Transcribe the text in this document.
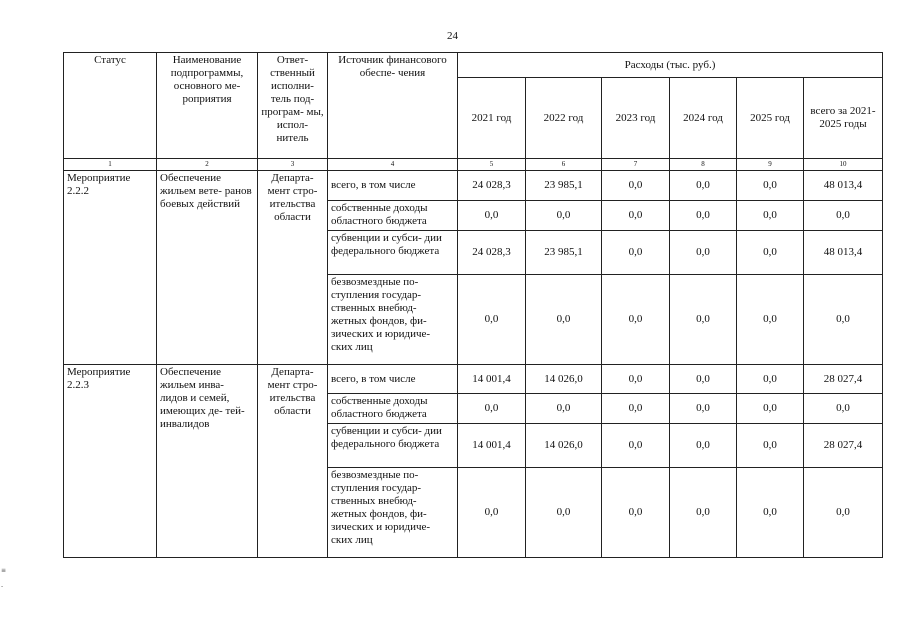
24
Статус	Наименование подпрограммы, основного ме- роприятия	Ответ- ственный исполни- тель под- програм- мы, испол- нитель	Источник финансового обеспе- чения	Расходы (тыс. руб.)					
				2021 год	2022 год	2023 год	2024 год	2025 год	всего за 2021-2025 годы
1	2	3	4	5	6	7	8	9	10
Мероприятие 2.2.2	Обеспечение жильем вете- ранов боевых действий	Департа- мент стро- ительства области	всего, в том числе	24 028,3	23 985,1	0,0	0,0	0,0	48 013,4
			собственные доходы областного бюджета	0,0	0,0	0,0	0,0	0,0	0,0
			субвенции и субси- дии федерального бюджета	24 028,3	23 985,1	0,0	0,0	0,0	48 013,4
			безвозмездные по- ступления государ- ственных внебюд- жетных фондов, фи- зических и юридиче- ских лиц	0,0	0,0	0,0	0,0	0,0	0,0
Мероприятие 2.2.3	Обеспечение жильем инва- лидов и семей, имеющих де- тей-инвалидов	Департа- мент стро- ительства области	всего, в том числе	14 001,4	14 026,0	0,0	0,0	0,0	28 027,4
			собственные доходы областного бюджета	0,0	0,0	0,0	0,0	0,0	0,0
			субвенции и субси- дии федерального бюджета	14 001,4	14 026,0	0,0	0,0	0,0	28 027,4
			безвозмездные по- ступления государ- ственных внебюд- жетных фондов, фи- зических и юридиче- ских лиц	0,0	0,0	0,0	0,0	0,0	0,0
≡
-
